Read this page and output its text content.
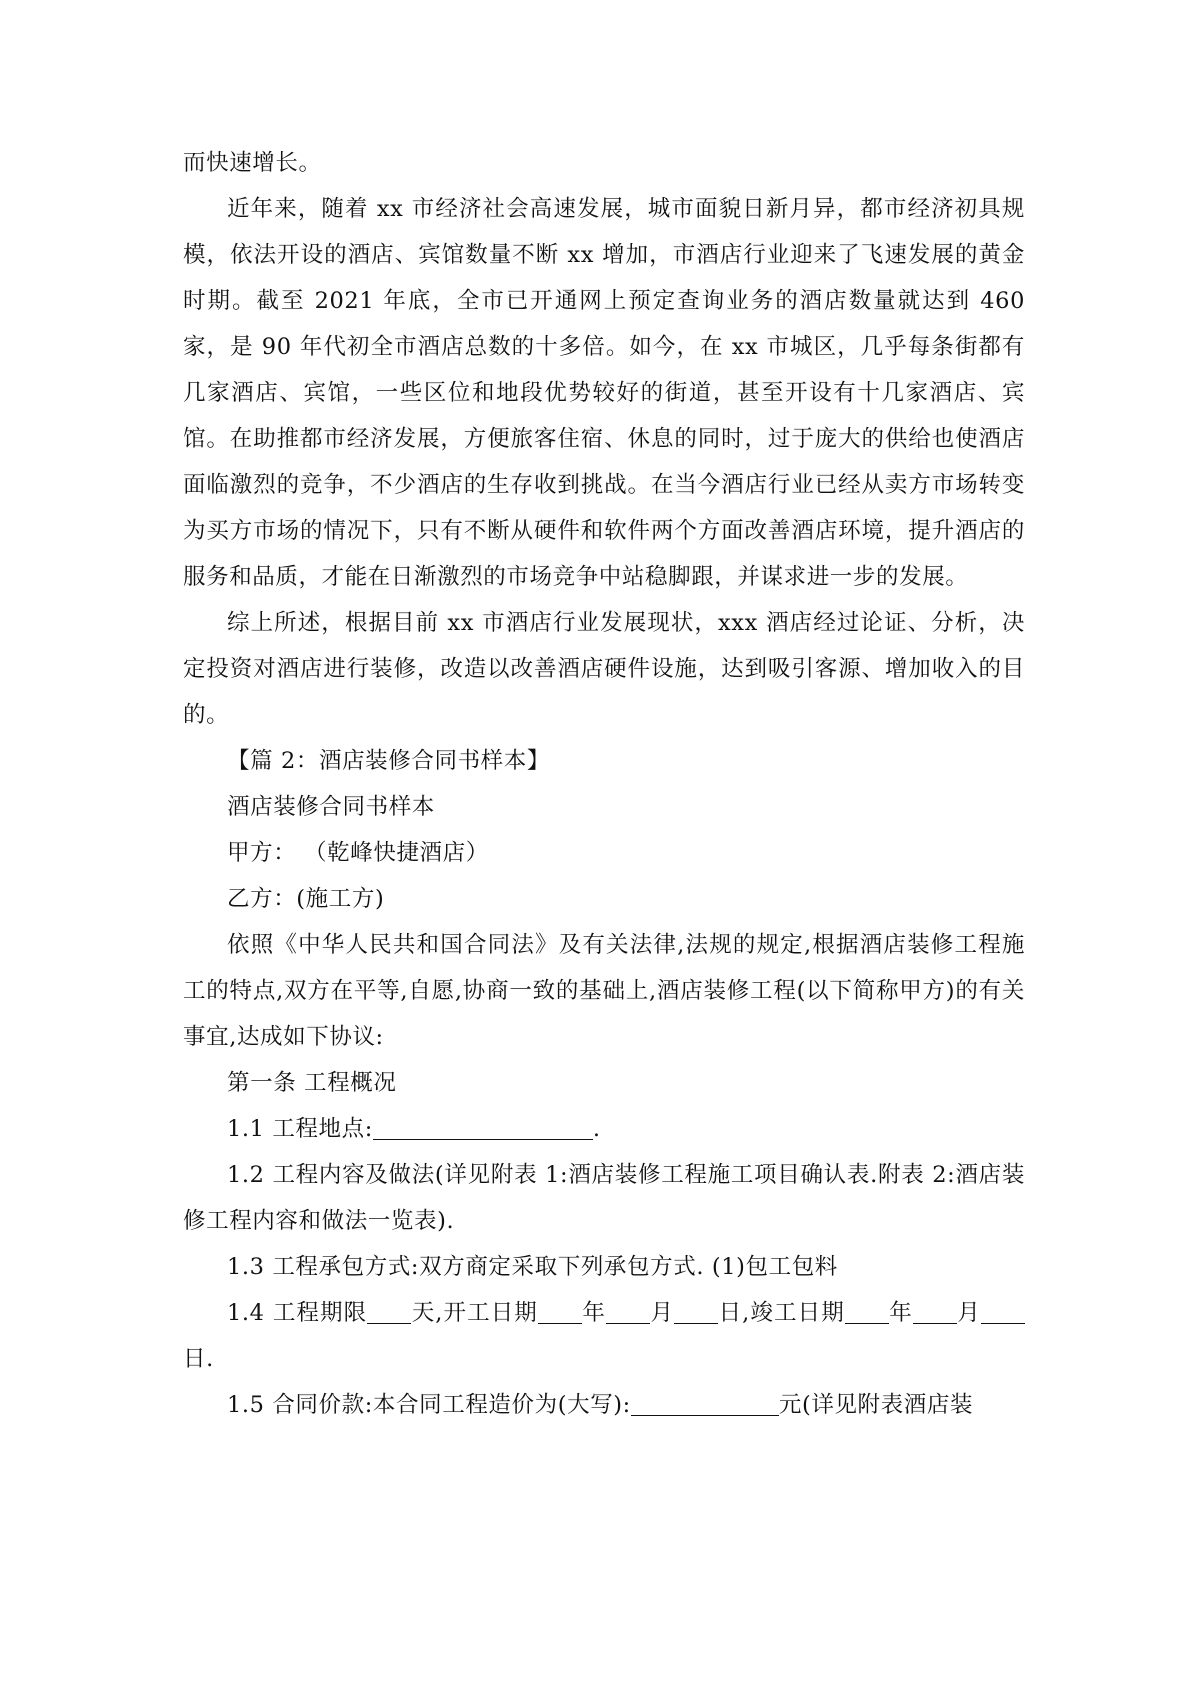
而快速增长。

近年来，随着 xx 市经济社会高速发展，城市面貌日新月异，都市经济初具规模，依法开设的酒店、宾馆数量不断 xx 增加，市酒店行业迎来了飞速发展的黄金时期。截至 2021 年底，全市已开通网上预定查询业务的酒店数量就达到 460 家，是 90 年代初全市酒店总数的十多倍。如今，在 xx 市城区，几乎每条街都有几家酒店、宾馆，一些区位和地段优势较好的街道，甚至开设有十几家酒店、宾馆。在助推都市经济发展，方便旅客住宿、休息的同时，过于庞大的供给也使酒店面临激烈的竞争，不少酒店的生存收到挑战。在当今酒店行业已经从卖方市场转变为买方市场的情况下，只有不断从硬件和软件两个方面改善酒店环境，提升酒店的服务和品质，才能在日渐激烈的市场竞争中站稳脚跟，并谋求进一步的发展。

综上所述，根据目前 xx 市酒店行业发展现状，xxx 酒店经过论证、分析，决定投资对酒店进行装修，改造以改善酒店硬件设施，达到吸引客源、增加收入的目的。

【篇 2：酒店装修合同书样本】

酒店装修合同书样本

甲方： （乾峰快捷酒店）

乙方：(施工方)

依照《中华人民共和国合同法》及有关法律,法规的规定,根据酒店装修工程施工的特点,双方在平等,自愿,协商一致的基础上,酒店装修工程(以下简称甲方)的有关事宜,达成如下协议:

第一条 工程概况

1.1 工程地点:	.

1.2 工程内容及做法(详见附表 1:酒店装修工程施工项目确认表.附表 2:酒店装修工程内容和做法一览表).

1.3 工程承包方式:双方商定采取下列承包方式. (1)包工包料

1.4 工程期限 天,开工日期 年 月 日,竣工日期 年 月日.

1.5 合同价款:本合同工程造价为(大写):	元(详见附表酒店装
